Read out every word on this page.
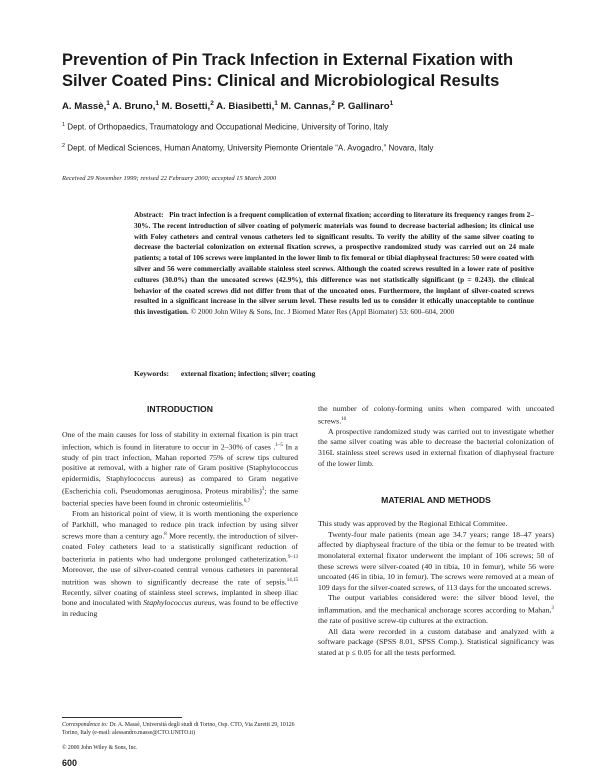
Prevention of Pin Track Infection in External Fixation with Silver Coated Pins: Clinical and Microbiological Results
A. Massè,$^1$ A. Bruno,$^1$ M. Bosetti,$^2$ A. Biasibetti,$^1$ M. Cannas,$^2$ P. Gallinaro$^1$
$^1$ Dept. of Orthopaedics, Traumatology and Occupational Medicine, University of Torino, Italy
$^2$ Dept. of Medical Sciences, Human Anatomy, University Piemonte Orientale “A. Avogadro,” Novara, Italy
Received 29 November 1999; revised 22 February 2000; accepted 15 March 2000

Abstract: Pin tract infection is a frequent complication of external fixation; according to literature its frequency ranges from 2–30%. The recent introduction of silver coating of polymeric materials was found to decrease bacterial adhesion; its clinical use with Foley catheters and central venous catheters led to significant results. To verify the ability of the same silver coating to decrease the bacterial colonization on external fixation screws, a prospective randomized study was carried out on 24 male patients; a total of 106 screws were implanted in the lower limb to fix femoral or tibial diaphyseal fractures: 50 were coated with silver and 56 were commercially available stainless steel screws. Although the coated screws resulted in a lower rate of positive cultures (30.0%) than the uncoated screws (42.9%), this difference was not statistically significant (p = 0.243). the clinical behavior of the coated screws did not differ from that of the uncoated ones. Furthermore, the implant of silver-coated screws resulted in a significant increase in the silver serum level. These results led us to consider it ethically unacceptable to continue this investigation. © 2000 John Wiley & Sons, Inc. J Biomed Mater Res (Appl Biomater) 53: 600–604, 2000

Keywords: external fixation; infection; silver; coating
INTRODUCTION

One of the main causes for loss of stability in external fixation is pin tract infection, which is found in literature to occur in 2–30% of cases .$^{1-5}$ In a study of pin tract infection, Mahan reported 75% of screw tips cultured positive at removal, with a higher rate of Gram positive (Staphylococcus epidermidis, Staphylococcus aureus) as compared to Gram negative (Escherichia coli, Pseudomonas aeruginosa, Proteus mirabilis)$^3$; the same bacterial species have been found in chronic osteomielitis.$^{6,7}$

From an historical point of view, it is worth mentioning the experience of Parkhill, who managed to reduce pin track infection by using silver screws more than a century ago.$^8$ More recently, the introduction of silver-coated Foley catheters lead to a statistically significant reduction of bacteriuria in patients who had undergone prolonged catheterization.$^{9-13}$ Moreover, the use of silver-coated central venous catheters in parenteral nutrition was shown to significantly decrease the rate of sepsis.$^{14,15}$ Recently, silver coating of stainless steel screws, implanted in sheep iliac bone and inoculated with Staphylococcus aureus, was found to be effective in reducing

the number of colony-forming units when compared with uncoated screws.$^{16}$

A prospective randomized study was carried out to investigate whether the same silver coating was able to decrease the bacterial colonization of 316L stainless steel screws used in external fixation of diaphyseal fracture of the lower limb.

MATERIAL AND METHODS

This study was approved by the Regional Ethical Commitee.

Twenty-four male patients (mean age 34.7 years; range 18–47 years) affected by diaphyseal fracture of the tibia or the femur to be treated with monolateral external fixator underwent the implant of 106 screws; 50 of these screws were silver-coated (40 in tibia, 10 in femur), while 56 were uncoated (46 in tibia, 10 in femur). The screws were removed at a mean of 109 days for the silver-coated screws, of 113 days for the uncoated screws.

The output variables considered were: the silver blood level, the inflammation, and the mechanical anchorage scores according to Mahan,$^3$ the rate of positive screw-tip cultures at the extraction.

All data were recorded in a custom database and analyzed with a software package (SPSS 8.01, SPSS Comp.). Statistical significancy was stated at p ≤ 0.05 for all the tests performed.

Correspondence to: Dr. A. Massè, Università degli studi di Torino, Osp. CTO, Via Zuretti 29, 10126 Torino, Italy (e-mail: alessandro.masse@CTO.UNITO.it)

© 2000 John Wiley & Sons, Inc.

600
